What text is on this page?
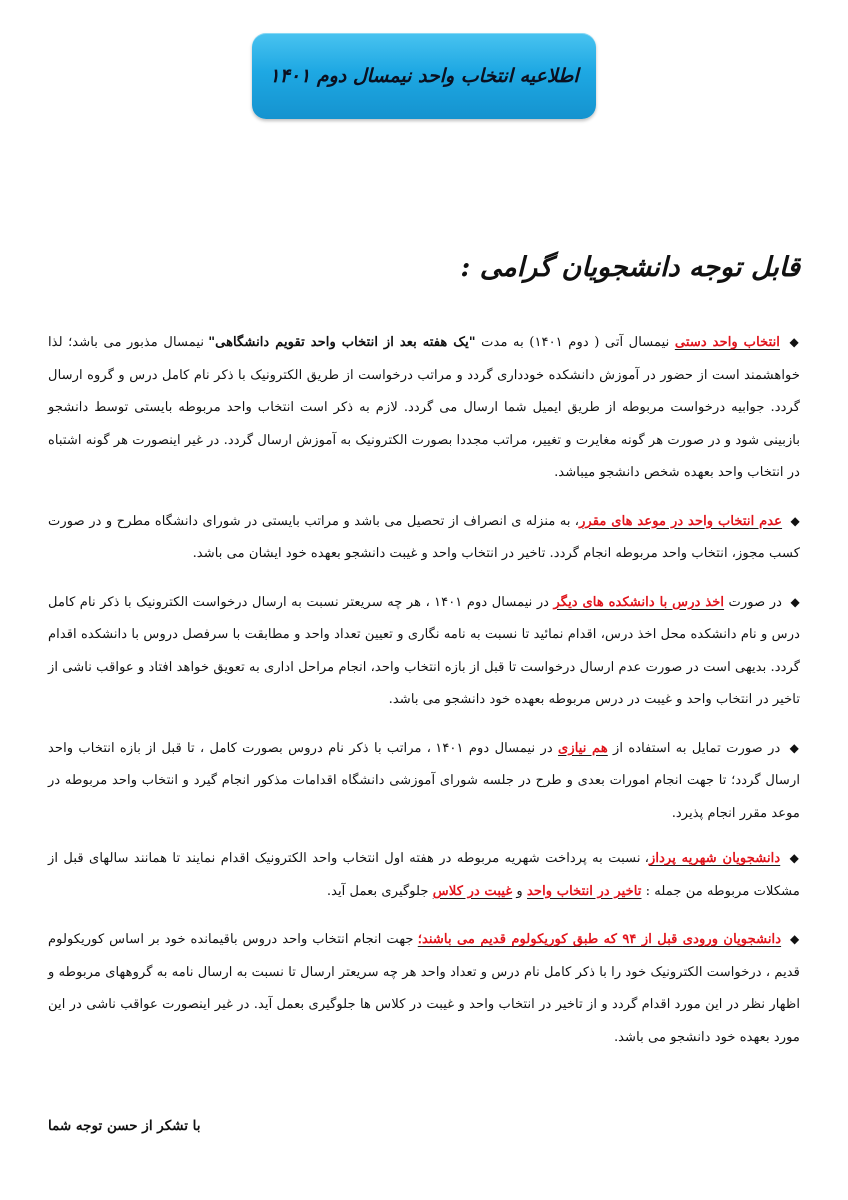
اطلاعیه انتخاب واحد نیمسال دوم ۱۴۰۱
قابل توجه دانشجویان گرامی :

◆ انتخاب واحد دستی نیمسال آتی ( دوم ۱۴۰۱) به مدت "یک هفته بعد از انتخاب واحد تقویم دانشگاهی" نیمسال مذبور می باشد؛ لذا خواهشمند است از حضور در آموزش دانشکده خودداری گردد و مراتب درخواست از طریق الکترونیک با ذکر نام کامل درس و گروه ارسال گردد. جوابیه درخواست مربوطه از طریق ایمیل شما ارسال می گردد. لازم به ذکر است انتخاب واحد مربوطه بایستی توسط دانشجو بازبینی شود و در صورت هر گونه مغایرت و تغییر، مراتب مجددا بصورت الکترونیک به آموزش ارسال گردد. در غیر اینصورت هر گونه اشتباه در انتخاب واحد بعهده شخص دانشجو میباشد.

◆ عدم انتخاب واحد در موعد های مقرر، به منزله ی انصراف از تحصیل می باشد و مراتب بایستی در شورای دانشگاه مطرح و در صورت کسب مجوز، انتخاب واحد مربوطه انجام گردد. تاخیر در انتخاب واحد و غیبت دانشجو بعهده خود ایشان می باشد.

◆ در صورت اخذ درس با دانشکده های دیگر در نیمسال دوم ۱۴۰۱ ، هر چه سریعتر نسبت به ارسال درخواست الکترونیک با ذکر نام کامل درس و نام دانشکده محل اخذ درس، اقدام نمائید تا نسبت به نامه نگاری و تعیین تعداد واحد و مطابقت با سرفصل دروس با دانشکده اقدام گردد. بدیهی است در صورت عدم ارسال درخواست تا قبل از بازه انتخاب واحد، انجام مراحل اداری به تعویق خواهد افتاد و عواقب ناشی از تاخیر در انتخاب واحد و غیبت در درس مربوطه بعهده خود دانشجو می باشد.

◆ در صورت تمایل به استفاده از هم نیازی در نیمسال دوم ۱۴۰۱ ، مراتب با ذکر نام دروس بصورت کامل ، تا قبل از بازه انتخاب واحد ارسال گردد؛ تا جهت انجام امورات بعدی و طرح در جلسه شورای آموزشی دانشگاه اقدامات مذکور انجام گیرد و انتخاب واحد مربوطه در موعد مقرر انجام پذیرد.

◆ دانشجویان شهریه پرداز، نسبت به پرداخت شهریه مربوطه در هفته اول انتخاب واحد الکترونیک اقدام نمایند تا همانند سالهای قبل از مشکلات مربوطه من جمله : تاخیر در انتخاب واحد و غیبت در کلاس جلوگیری بعمل آید.

◆ دانشجویان ورودی قبل از ۹۴ که طبق کوریکولوم قدیم می باشند؛ جهت انجام انتخاب واحد دروس باقیمانده خود بر اساس کوریکولوم قدیم ، درخواست الکترونیک خود را با ذکر کامل نام درس و تعداد واحد هر چه سریعتر ارسال تا نسبت به ارسال نامه به گروههای مربوطه و اظهار نظر در این مورد اقدام گردد و از تاخیر در انتخاب واحد و غیبت در کلاس ها جلوگیری بعمل آید. در غیر اینصورت عواقب ناشی در این مورد بعهده خود دانشجو می باشد.

با تشکر از حسن توجه شما
